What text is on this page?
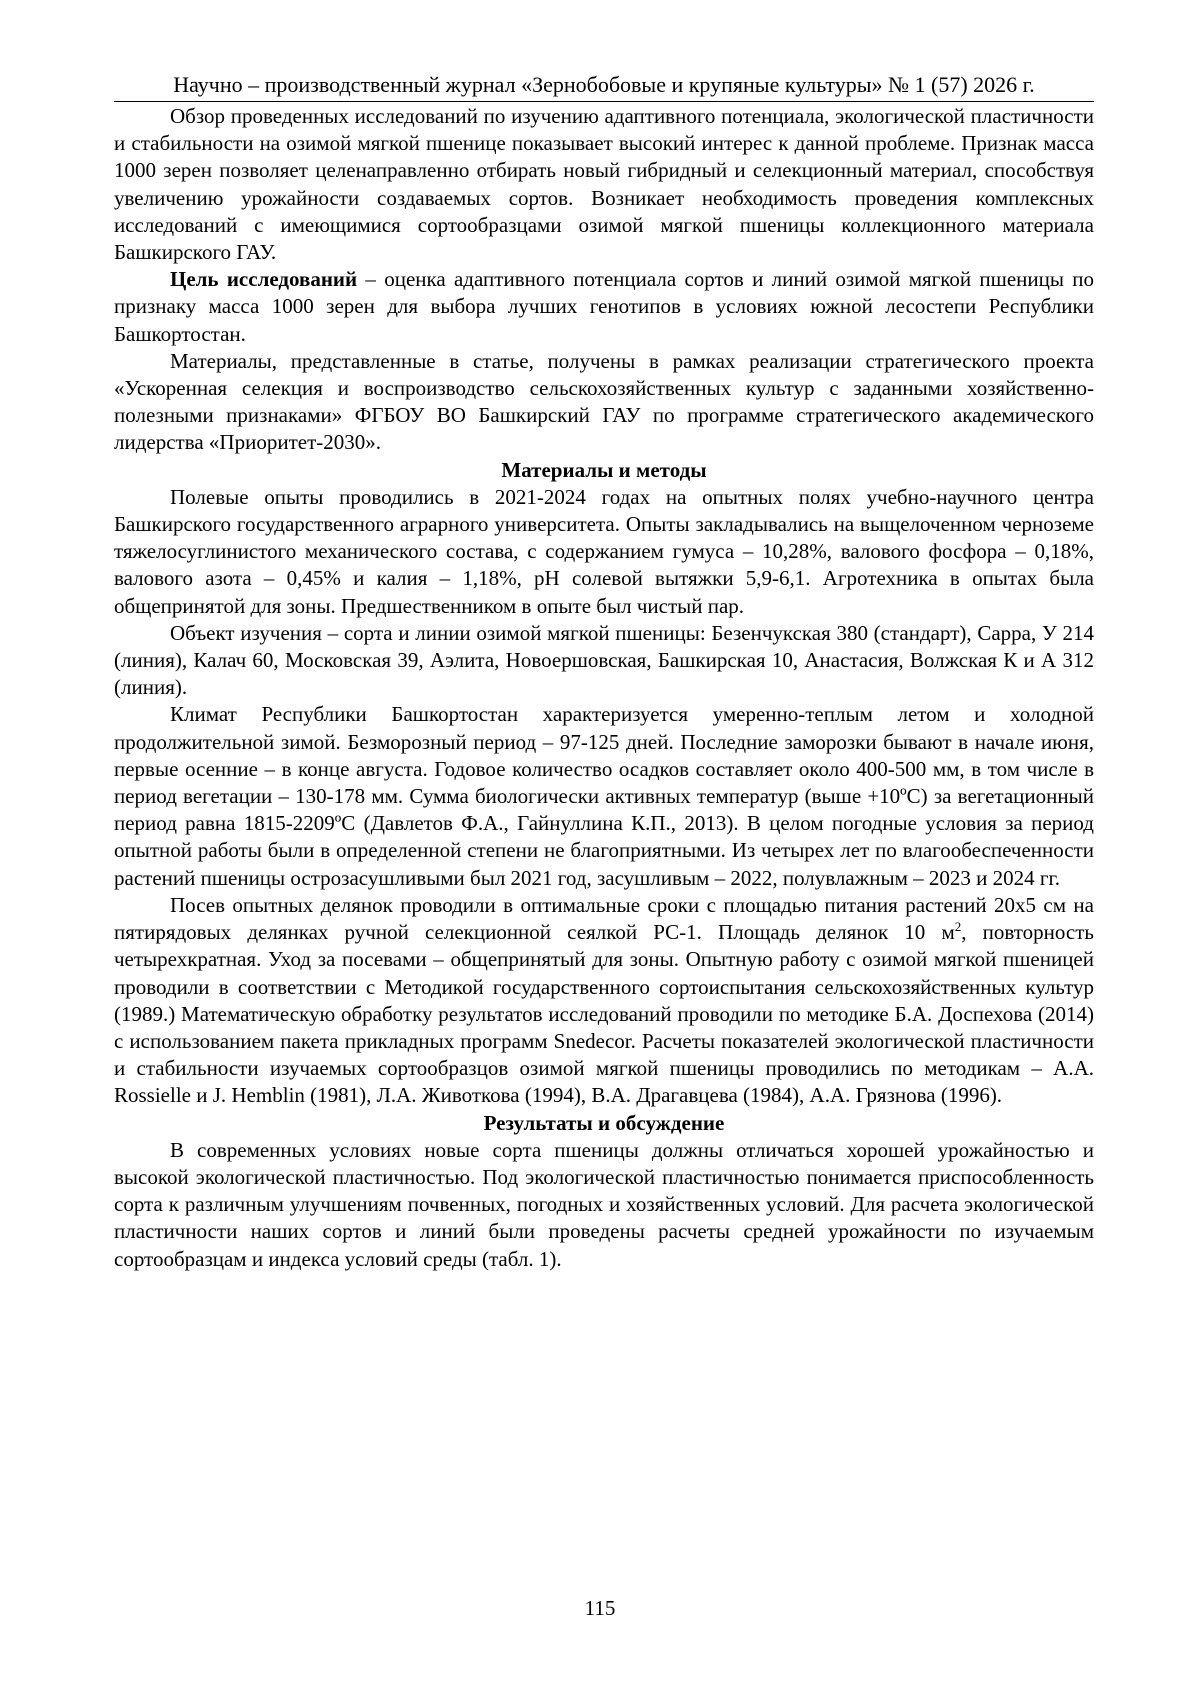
Научно – производственный журнал «Зернобобовые и крупяные культуры» № 1 (57) 2026 г.

Обзор проведенных исследований по изучению адаптивного потенциала, экологической пластичности и стабильности на озимой мягкой пшенице показывает высокий интерес к данной проблеме. Признак масса 1000 зерен позволяет целенаправленно отбирать новый гибридный и селекционный материал, способствуя увеличению урожайности создаваемых сортов. Возникает необходимость проведения комплексных исследований с имеющимися сортообразцами озимой мягкой пшеницы коллекционного материала Башкирского ГАУ.

Цель исследований – оценка адаптивного потенциала сортов и линий озимой мягкой пшеницы по признаку масса 1000 зерен для выбора лучших генотипов в условиях южной лесостепи Республики Башкортостан.

Материалы, представленные в статье, получены в рамках реализации стратегического проекта «Ускоренная селекция и воспроизводство сельскохозяйственных культур с заданными хозяйственно-полезными признаками» ФГБОУ ВО Башкирский ГАУ по программе стратегического академического лидерства «Приоритет-2030».

Материалы и методы

Полевые опыты проводились в 2021-2024 годах на опытных полях учебно-научного центра Башкирского государственного аграрного университета. Опыты закладывались на выщелоченном черноземе тяжелосуглинистого механического состава, с содержанием гумуса – 10,28%, валового фосфора – 0,18%, валового азота – 0,45% и калия – 1,18%, pH солевой вытяжки 5,9-6,1. Агротехника в опытах была общепринятой для зоны. Предшественником в опыте был чистый пар.

Объект изучения – сорта и линии озимой мягкой пшеницы: Безенчукская 380 (стандарт), Сарра, У 214 (линия), Калач 60, Московская 39, Аэлита, Новоершовская, Башкирская 10, Анастасия, Волжская К и А 312 (линия).

Климат Республики Башкортостан характеризуется умеренно-теплым летом и холодной продолжительной зимой. Безморозный период – 97-125 дней. Последние заморозки бывают в начале июня, первые осенние – в конце августа. Годовое количество осадков составляет около 400-500 мм, в том числе в период вегетации – 130-178 мм. Сумма биологически активных температур (выше +10ºС) за вегетационный период равна 1815-2209ºС (Давлетов Ф.А., Гайнуллина К.П., 2013). В целом погодные условия за период опытной работы были в определенной степени не благоприятными. Из четырех лет по влагообеспеченности растений пшеницы острозасушливыми был 2021 год, засушливым – 2022, полувлажным – 2023 и 2024 гг.

Посев опытных делянок проводили в оптимальные сроки с площадью питания растений 20х5 см на пятирядовых делянках ручной селекционной сеялкой РС-1. Площадь делянок 10 $м^2$, повторность четырехкратная. Уход за посевами – общепринятый для зоны. Опытную работу с озимой мягкой пшеницей проводили в соответствии с Методикой государственного сортоиспытания сельскохозяйственных культур (1989.) Математическую обработку результатов исследований проводили по методике Б.А. Доспехова (2014) с использованием пакета прикладных программ Snedecor. Расчеты показателей экологической пластичности и стабильности изучаемых сортообразцов озимой мягкой пшеницы проводились по методикам – А.А. Rossielle и J. Hemblin (1981), Л.А. Животкова (1994), В.А. Драгавцева (1984), А.А. Грязнова (1996).

Результаты и обсуждение

В современных условиях новые сорта пшеницы должны отличаться хорошей урожайностью и высокой экологической пластичностью. Под экологической пластичностью понимается приспособленность сорта к различным улучшениям почвенных, погодных и хозяйственных условий. Для расчета экологической пластичности наших сортов и линий были проведены расчеты средней урожайности по изучаемым сортообразцам и индекса условий среды (табл. 1).

115
